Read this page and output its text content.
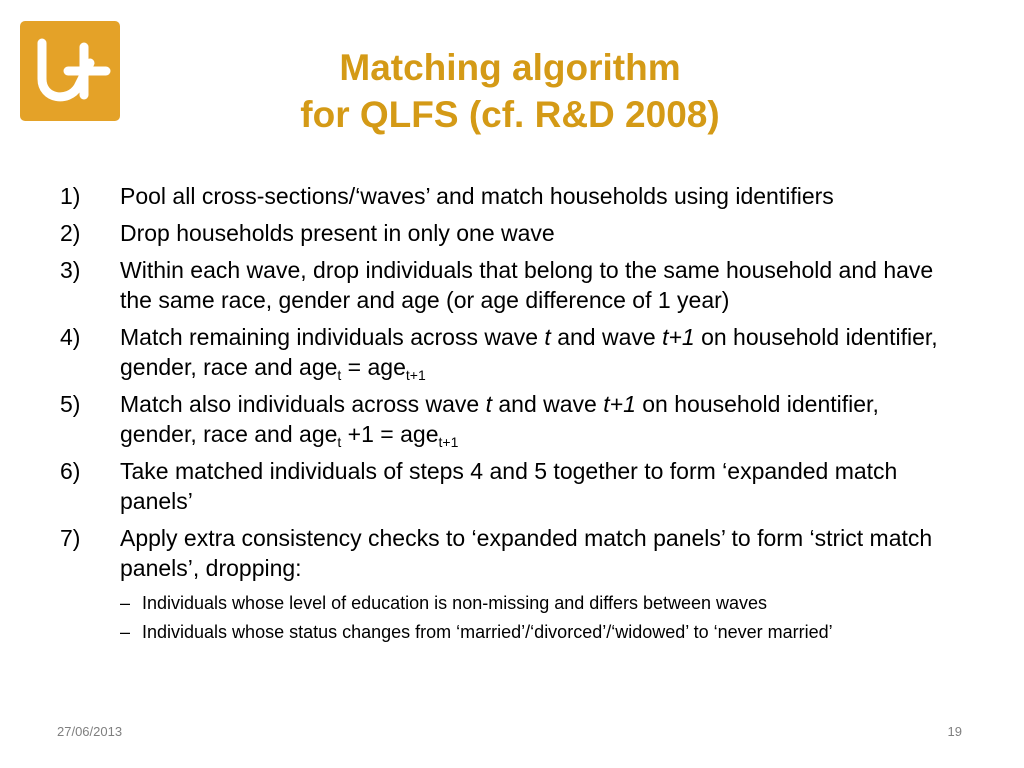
Matching algorithm
for QLFS (cf. R&D 2008)
1) Pool all cross-sections/‘waves’ and match households using identifiers
2) Drop households present in only one wave
3) Within each wave, drop individuals that belong to the same household and have the same race, gender and age (or age difference of 1 year)
4) Match remaining individuals across wave t and wave t+1 on household identifier, gender, race and age$_t$ = age$_{t+1}$
5) Match also individuals across wave t and wave t+1 on household identifier, gender, race and age$_t$ +1 = age$_{t+1}$
6) Take matched individuals of steps 4 and 5 together to form ‘expanded match panels’
7) Apply extra consistency checks to ‘expanded match panels’ to form ‘strict match panels’, dropping:
– Individuals whose level of education is non-missing and differs between waves
– Individuals whose status changes from ‘married’/‘divorced’/‘widowed’ to ‘never married’
27/06/2013	19
